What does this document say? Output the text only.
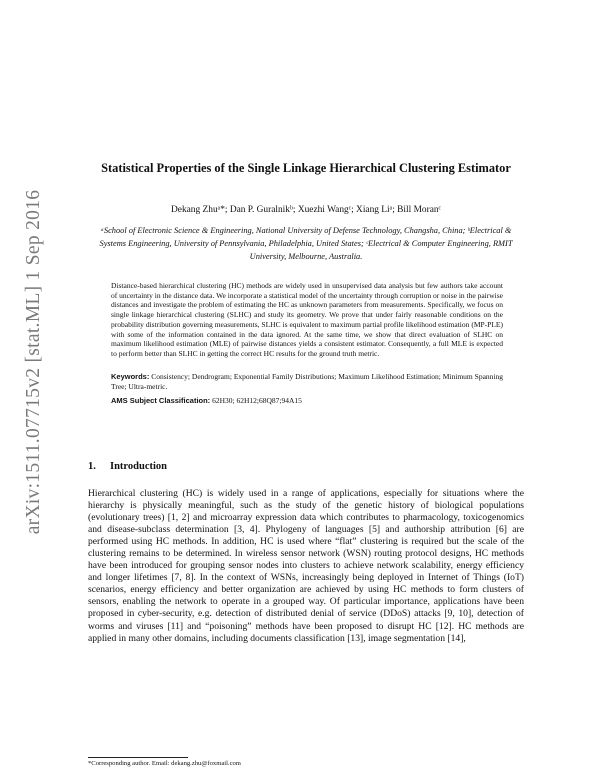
arXiv:1511.07715v2 [stat.ML] 1 Sep 2016
Statistical Properties of the Single Linkage Hierarchical Clustering Estimator
Dekang Zhuᵃ*; Dan P. Guralnikᵇ; Xuezhi Wangᶜ; Xiang Liᵃ; Bill Moranᶜ
ᵃSchool of Electronic Science & Engineering, National University of Defense Technology, Changsha, China; ᵇElectrical & Systems Engineering, University of Pennsylvania, Philadelphia, United States; ᶜElectrical & Computer Engineering, RMIT University, Melbourne, Australia.
Distance-based hierarchical clustering (HC) methods are widely used in unsupervised data analysis but few authors take account of uncertainty in the distance data. We incorporate a statistical model of the uncertainty through corruption or noise in the pairwise distances and investigate the problem of estimating the HC as unknown parameters from measurements. Specifically, we focus on single linkage hierarchical clustering (SLHC) and study its geometry. We prove that under fairly reasonable conditions on the probability distribution governing measurements, SLHC is equivalent to maximum partial profile likelihood estimation (MP-PLE) with some of the information contained in the data ignored. At the same time, we show that direct evaluation of SLHC on maximum likelihood estimation (MLE) of pairwise distances yields a consistent estimator. Consequently, a full MLE is expected to perform better than SLHC in getting the correct HC results for the ground truth metric.
Keywords: Consistency; Dendrogram; Exponential Family Distributions; Maximum Likelihood Estimation; Minimum Spanning Tree; Ultra-metric.
AMS Subject Classification: 62H30; 62H12;68Q87;94A15
1. Introduction
Hierarchical clustering (HC) is widely used in a range of applications, especially for situations where the hierarchy is physically meaningful, such as the study of the genetic history of biological populations (evolutionary trees) [1, 2] and microarray expression data which contributes to pharmacology, toxicogenomics and disease-subclass determination [3, 4]. Phylogeny of languages [5] and authorship attribution [6] are performed using HC methods. In addition, HC is used where “flat” clustering is required but the scale of the clustering remains to be determined. In wireless sensor network (WSN) routing protocol designs, HC methods have been introduced for grouping sensor nodes into clusters to achieve network scalability, energy efficiency and longer lifetimes [7, 8]. In the context of WSNs, increasingly being deployed in Internet of Things (IoT) scenarios, energy efficiency and better organization are achieved by using HC methods to form clusters of sensors, enabling the network to operate in a grouped way. Of particular importance, applications have been proposed in cyber-security, e.g. detection of distributed denial of service (DDoS) attacks [9, 10], detection of worms and viruses [11] and “poisoning” methods have been proposed to disrupt HC [12]. HC methods are applied in many other domains, including documents classification [13], image segmentation [14],
*Corresponding author. Email: dekang.zhu@foxmail.com
